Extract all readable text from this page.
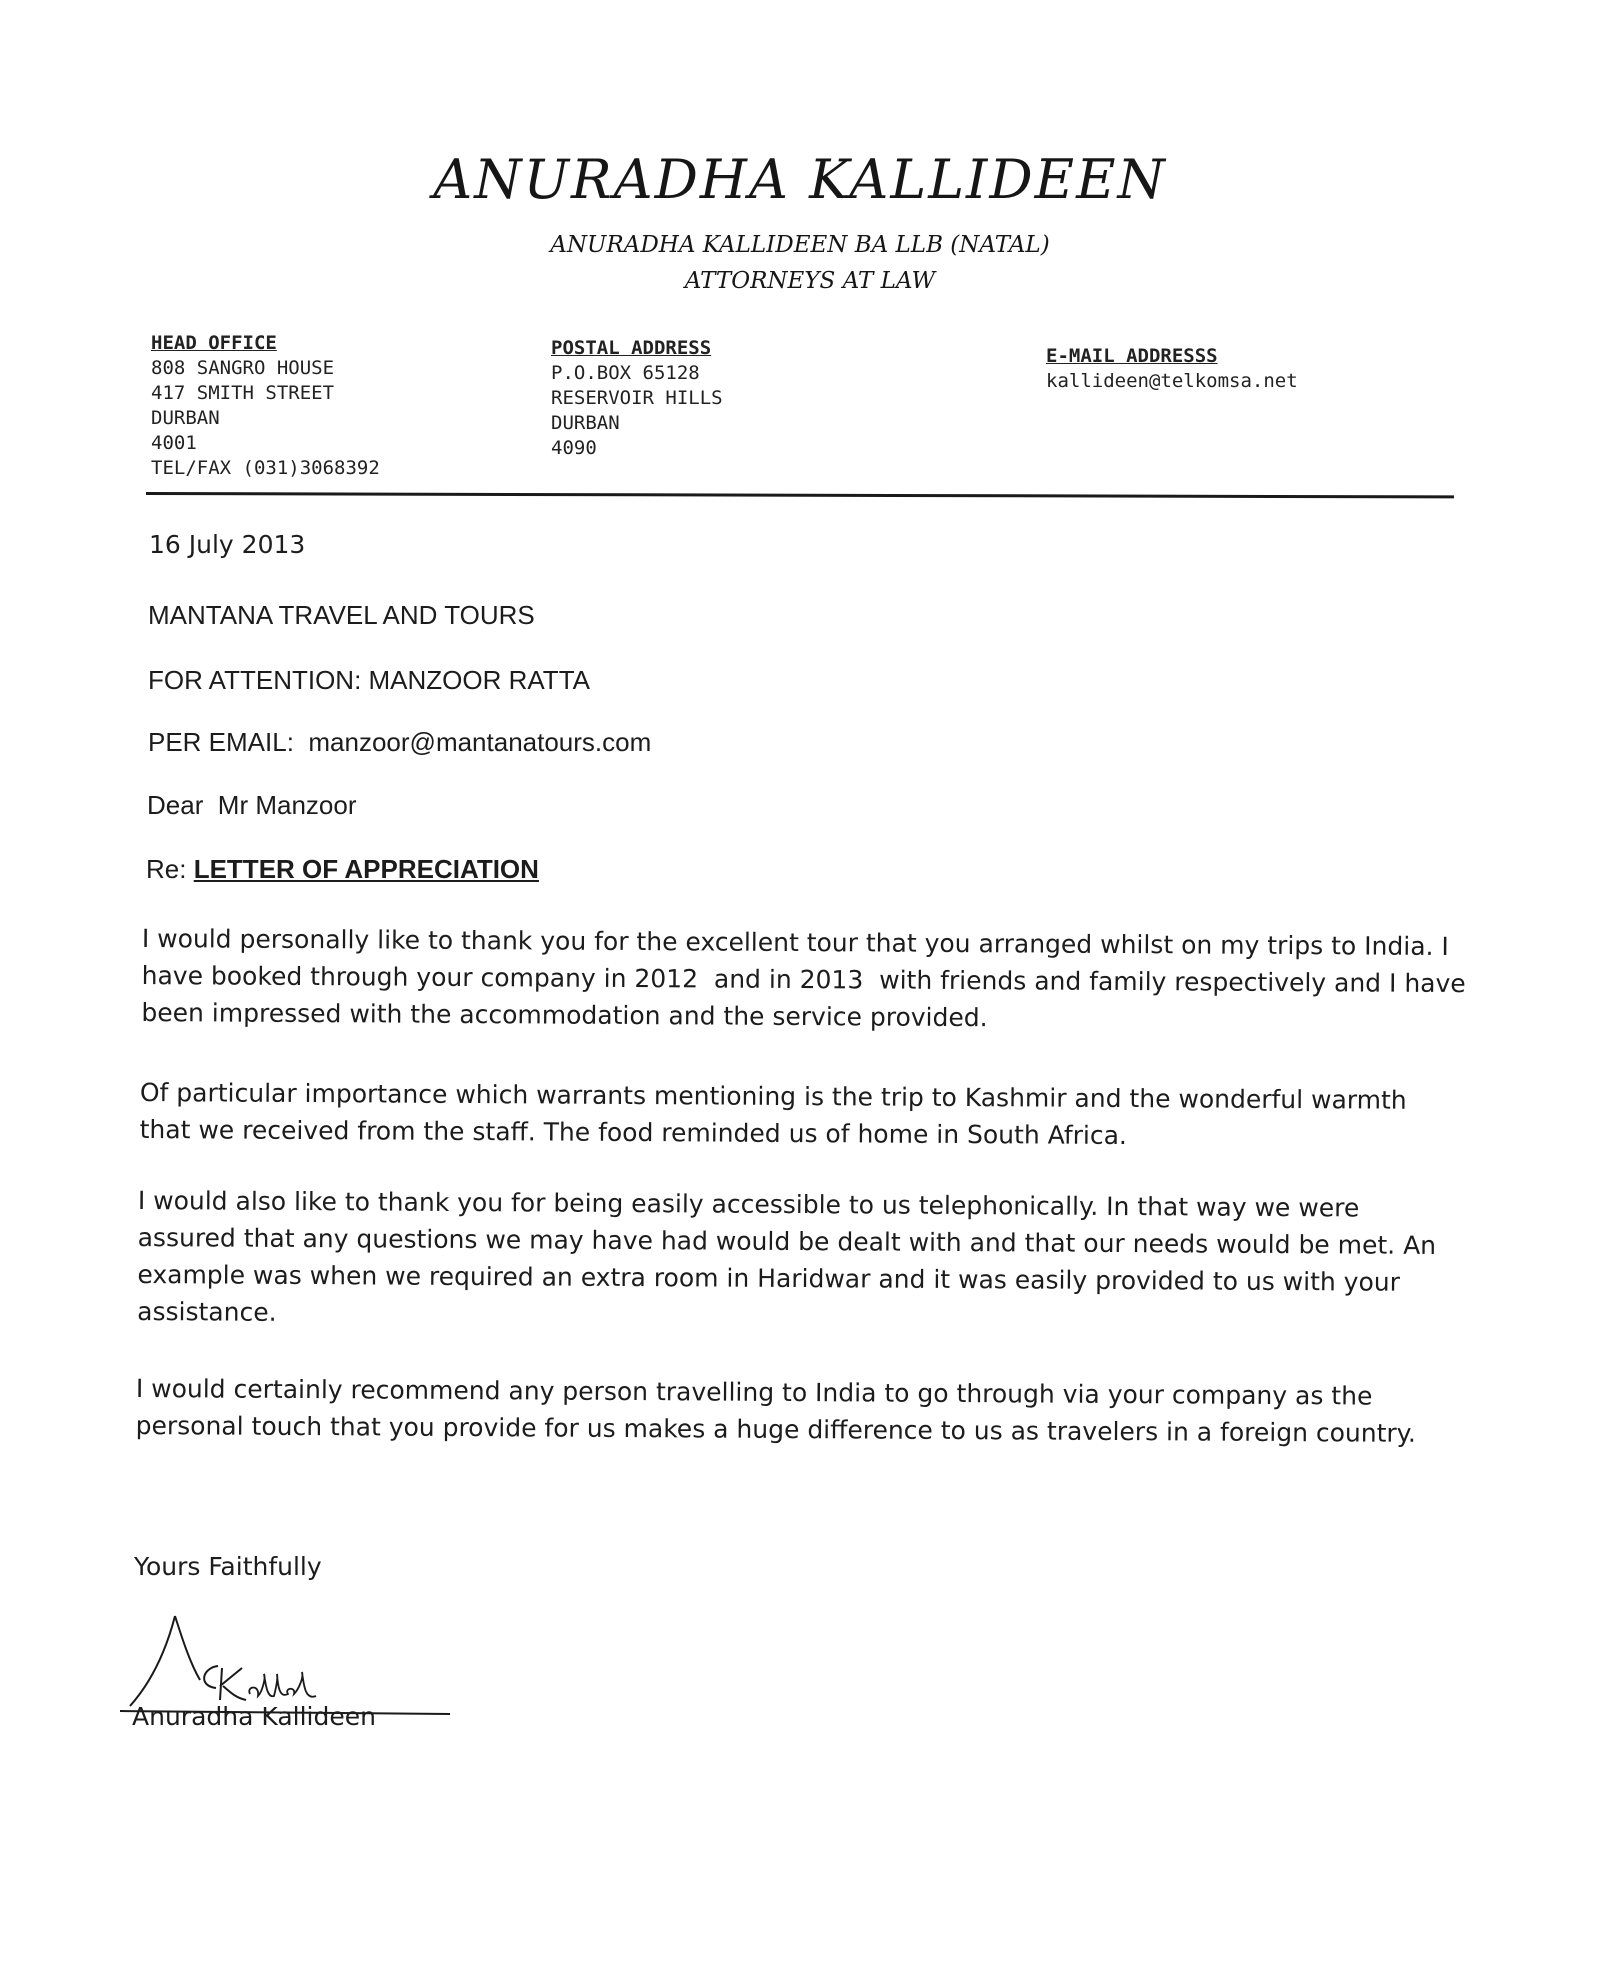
ANURADHA KALLIDEEN
ANURADHA KALLIDEEN BA LLB (NATAL)
ATTORNEYS AT LAW
HEAD OFFICE
808 SANGRO HOUSE
417 SMITH STREET
DURBAN
4001
TEL/FAX (031)3068392
POSTAL ADDRESS
P.O.BOX 65128
RESERVOIR HILLS
DURBAN
4090
E-MAIL ADDRESSS
kallideen@telkomsa.net
16 July 2013
MANTANA TRAVEL AND TOURS
FOR ATTENTION: MANZOOR RATTA
PER EMAIL: manzoor@mantanatours.com
Dear  Mr Manzoor
Re: LETTER OF APPRECIATION

I would personally like to thank you for the excellent tour that you arranged whilst on my trips to India. I

have booked through your company in 2012  and in 2013  with friends and family respectively and I have

been impressed with the accommodation and the service provided.

Of particular importance which warrants mentioning is the trip to Kashmir and the wonderful warmth

that we received from the staff. The food reminded us of home in South Africa.

I would also like to thank you for being easily accessible to us telephonically. In that way we were

assured that any questions we may have had would be dealt with and that our needs would be met. An

example was when we required an extra room in Haridwar and it was easily provided to us with your

assistance.

I would certainly recommend any person travelling to India to go through via your company as the

personal touch that you provide for us makes a huge difference to us as travelers in a foreign country.

Yours Faithfully
Anuradha Kallideen
